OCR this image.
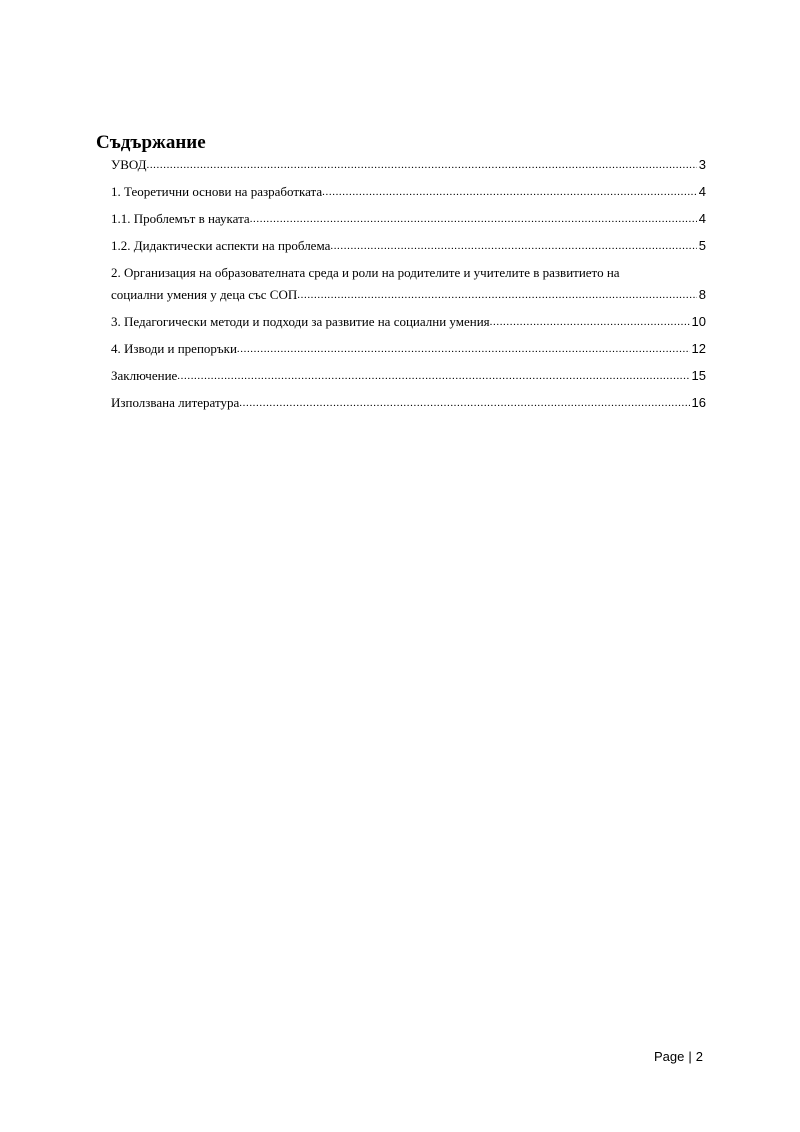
Съдържание
УВОД .....	3
1. Теоретични основи на разработката .....	4
1.1. Проблемът в науката .....	4
1.2. Дидактически аспекти на проблема .....	5
2. Организация на образователната среда и роли на родителите и учителите в развитието на
социални умения у деца със СОП .....	8
3. Педагогически методи и подходи за развитие на социални умения .....	10
4. Изводи и препоръки .....	12
Заключение .....	15
Използвана литература .....	16
Page | 2
